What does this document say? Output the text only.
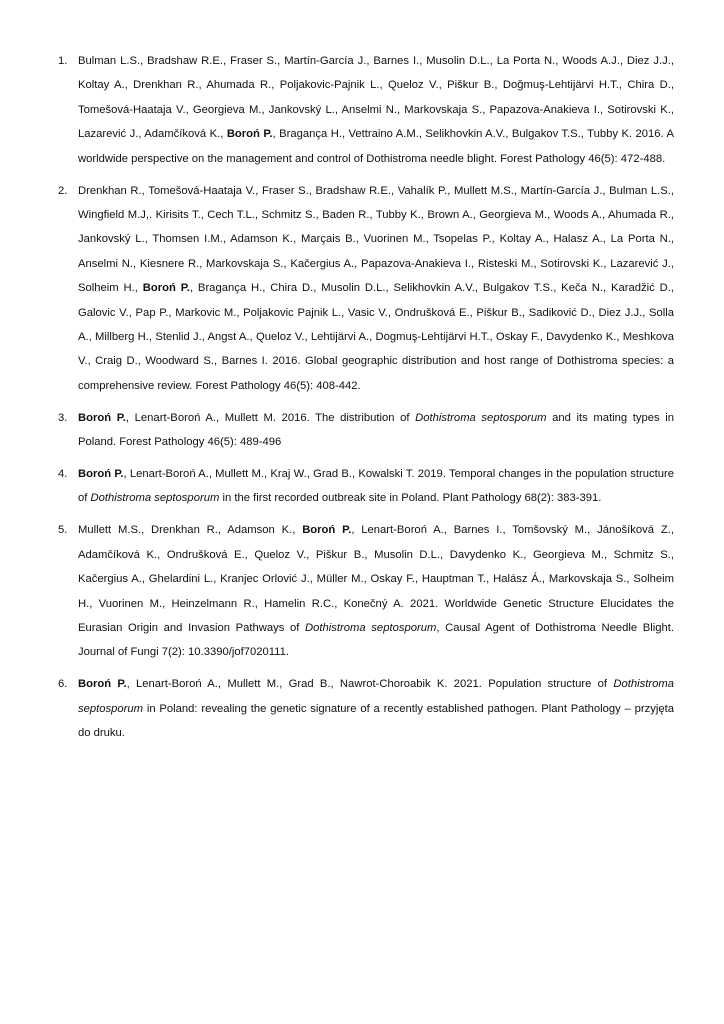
1. Bulman L.S., Bradshaw R.E., Fraser S., Martín-García J., Barnes I., Musolin D.L., La Porta N., Woods A.J., Diez J.J., Koltay A., Drenkhan R., Ahumada R., Poljakovic-Pajnik L., Queloz V., Piškur B., Doğmuş-Lehtijärvi H.T., Chira D., Tomešová-Haataja V., Georgieva M., Jankovský L., Anselmi N., Markovskaja S., Papazova-Anakieva I., Sotirovski K., Lazarević J., Adamčíková K., Boroń P., Bragança H., Vettraino A.M., Selikhovkin A.V., Bulgakov T.S., Tubby K. 2016. A worldwide perspective on the management and control of Dothistroma needle blight. Forest Pathology 46(5): 472-488.
2. Drenkhan R., Tomešová-Haataja V., Fraser S., Bradshaw R.E., Vahalík P., Mullett M.S., Martín-García J., Bulman L.S., Wingfield M.J,. Kirisits T., Cech T.L., Schmitz S., Baden R., Tubby K., Brown A., Georgieva M., Woods A., Ahumada R., Jankovský L., Thomsen I.M., Adamson K., Marçais B., Vuorinen M., Tsopelas P., Koltay A., Halasz A., La Porta N., Anselmi N., Kiesnere R., Markovskaja S., Kačergius A., Papazova-Anakieva I., Risteski M., Sotirovski K., Lazarević J., Solheim H., Boroń P., Bragança H., Chira D., Musolin D.L., Selikhovkin A.V., Bulgakov T.S., Keča N., Karadžić D., Galovic V., Pap P., Markovic M., Poljakovic Pajnik L., Vasic V., Ondrušková E., Piškur B., Sadiković D., Diez J.J., Solla A., Millberg H., Stenlid J., Angst A., Queloz V., Lehtijärvi A., Dogmuş-Lehtijärvi H.T., Oskay F., Davydenko K., Meshkova V., Craig D., Woodward S., Barnes I. 2016. Global geographic distribution and host range of Dothistroma species: a comprehensive review. Forest Pathology 46(5): 408-442.
3. Boroń P., Lenart-Boroń A., Mullett M. 2016. The distribution of Dothistroma septosporum and its mating types in Poland. Forest Pathology 46(5): 489-496
4. Boroń P., Lenart-Boroń A., Mullett M., Kraj W., Grad B., Kowalski T. 2019. Temporal changes in the population structure of Dothistroma septosporum in the first recorded outbreak site in Poland. Plant Pathology 68(2): 383-391.
5. Mullett M.S., Drenkhan R., Adamson K., Boroń P., Lenart-Boroń A., Barnes I., Tomšovský M., Jánošíková Z., Adamčíková K., Ondrušková E., Queloz V., Piškur B., Musolin D.L., Davydenko K., Georgieva M., Schmitz S., Kačergius A., Ghelardini L., Kranjec Orlović J., Müller M., Oskay F., Hauptman T., Halász Á., Markovskaja S., Solheim H., Vuorinen M., Heinzelmann R., Hamelin R.C., Konečný A. 2021. Worldwide Genetic Structure Elucidates the Eurasian Origin and Invasion Pathways of Dothistroma septosporum, Causal Agent of Dothistroma Needle Blight. Journal of Fungi 7(2): 10.3390/jof7020111.
6. Boroń P., Lenart-Boroń A., Mullett M., Grad B., Nawrot-Choroabik K. 2021. Population structure of Dothistroma septosporum in Poland: revealing the genetic signature of a recently established pathogen. Plant Pathology – przyjęta do druku.
